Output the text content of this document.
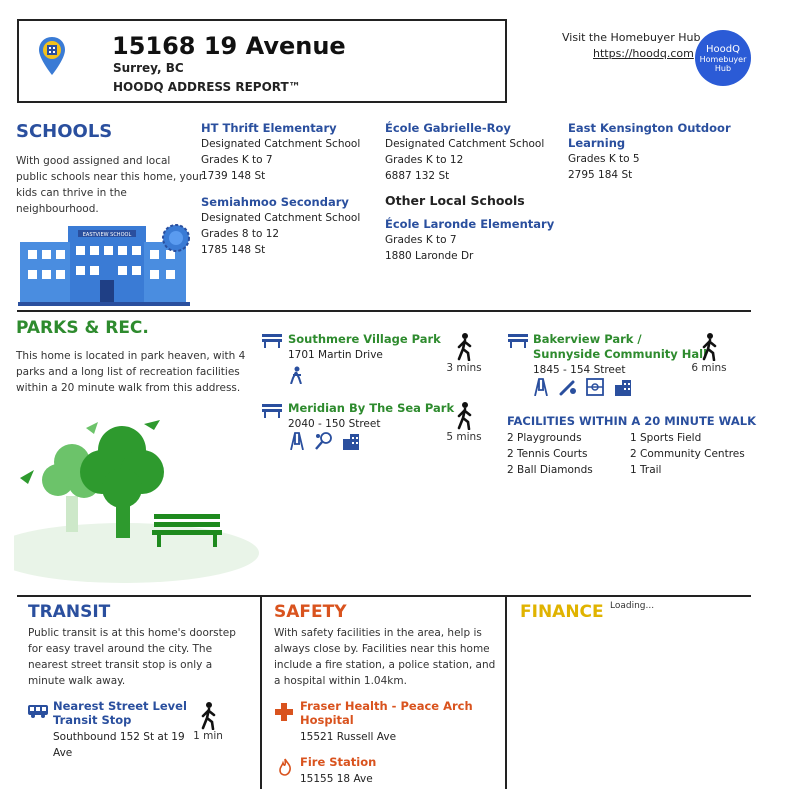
15168 19 Avenue
Surrey, BC
HOODQ ADDRESS REPORT™
Visit the Homebuyer Hub
https://hoodq.com	HoodQ
Homebuyer
Hub
SCHOOLS
With good assigned and local public schools near this home, your kids can thrive in the neighbourhood.
EASTVIEW SCHOOL
HT Thrift Elementary
Designated Catchment School
Grades K to 7
1739 148 St
Semiahmoo Secondary
Designated Catchment School
Grades 8 to 12
1785 148 St
École Gabrielle-Roy
Designated Catchment School
Grades K to 12
6887 132 St
East Kensington Outdoor
Learning
Grades K to 5
2795 184 St
Other Local Schools
École Laronde Elementary
Grades K to 7
1880 Laronde Dr
PARKS & REC.
This home is located in park heaven, with 4 parks and a long list of recreation facilities within a 20 minute walk from this address.
Southmere Village Park
1701 Martin Drive
3 mins
Meridian By The Sea Park
2040 - 150 Street

5 mins
Bakerview Park /
Sunnyside Community Hall
1845 - 154 Street
	6 mins
FACILITIES WITHIN A 20 MINUTE WALK
2 Playgrounds	1 Sports Field
2 Tennis Courts	2 Community Centres
2 Ball Diamonds	1 Trail
TRANSIT
Public transit is at this home's doorstep for easy travel around the city. The nearest street transit stop is only a minute walk away.
Nearest Street Level
Transit Stop
Southbound 152 St at 19
Ave
1 min
SAFETY
With safety facilities in the area, help is always close by. Facilities near this home include a fire station, a police station, and a hospital within 1.04km.
Fraser Health - Peace Arch
Hospital
15521 Russell Ave
Fire Station
15155 18 Ave
FINANCE Loading...
